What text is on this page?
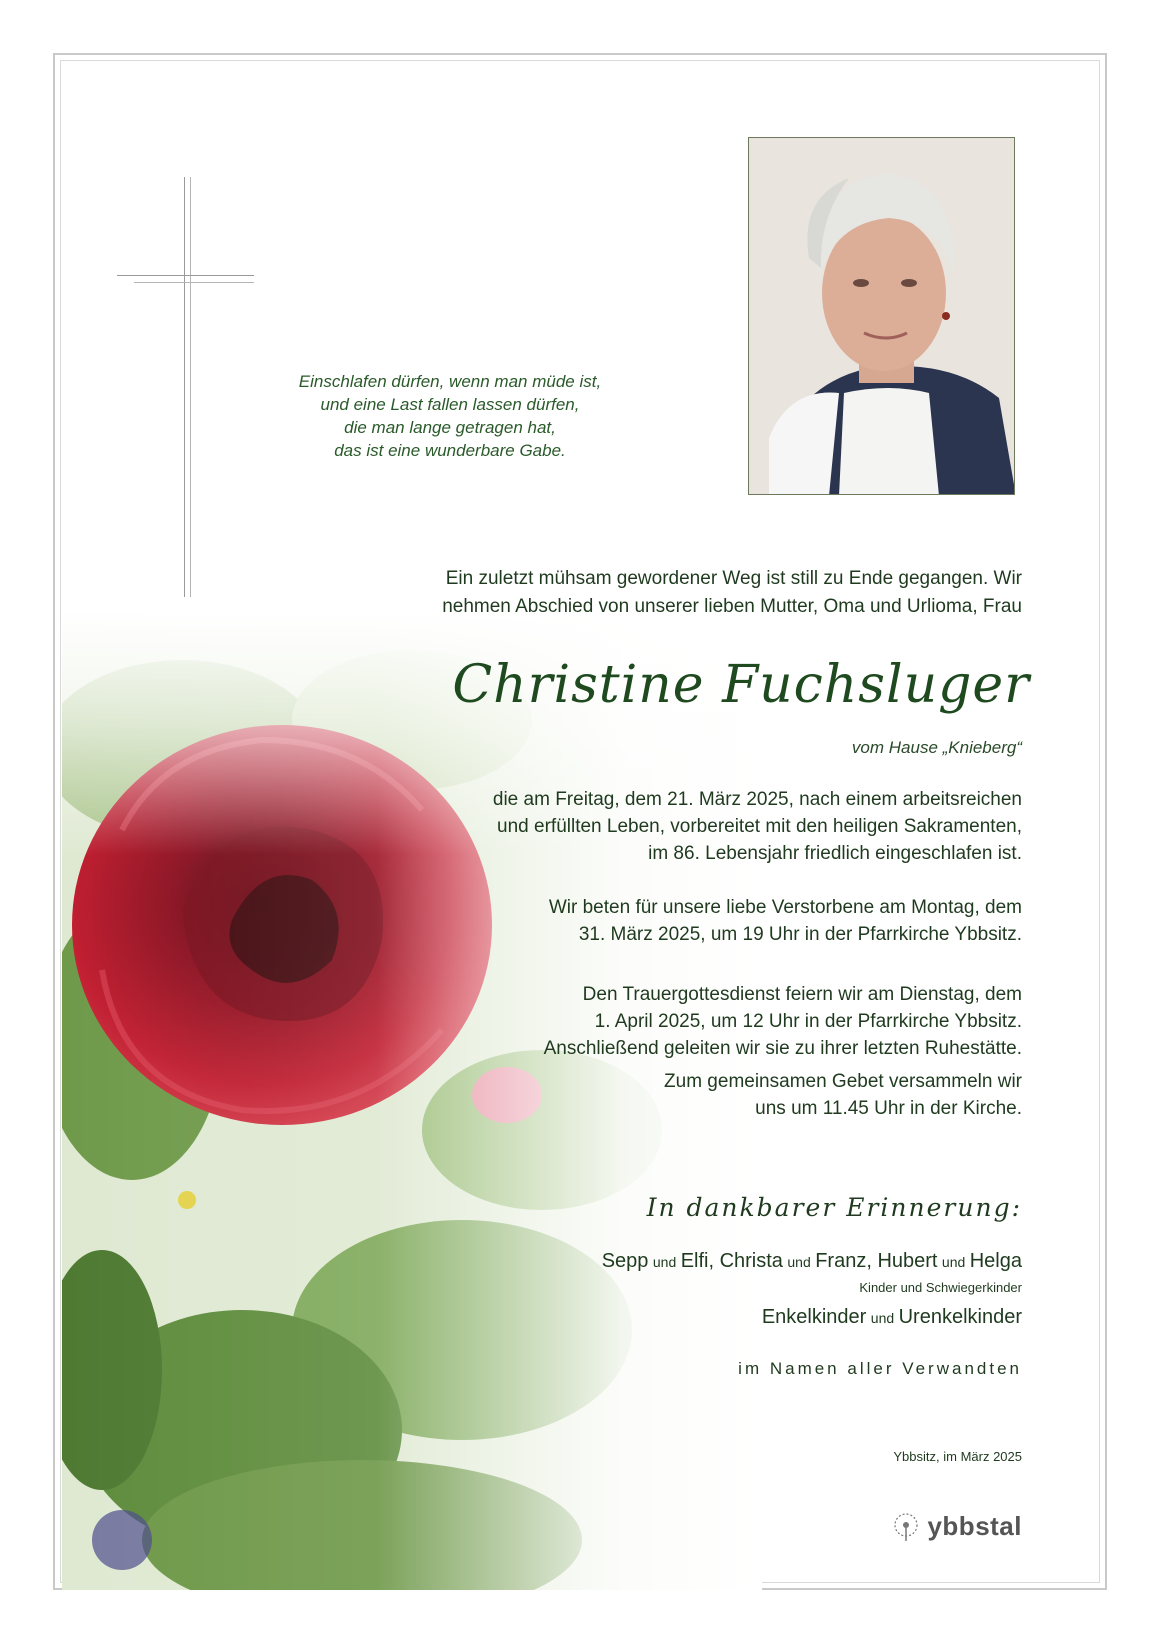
Einschlafen dürfen, wenn man müde ist,
und eine Last fallen lassen dürfen,
die man lange getragen hat,
das ist eine wunderbare Gabe.
Ein zuletzt mühsam gewordener Weg ist still zu Ende gegangen. Wir
nehmen Abschied von unserer lieben Mutter, Oma und Urlioma, Frau
Christine Fuchsluger
vom Hause „Knieberg“
die am Freitag, dem 21. März 2025, nach einem arbeitsreichen
und erfüllten Leben, vorbereitet mit den heiligen Sakramenten,
im 86. Lebensjahr friedlich eingeschlafen ist.
Wir beten für unsere liebe Verstorbene am Montag, dem
31. März 2025, um 19 Uhr in der Pfarrkirche Ybbsitz.
Den Trauergottesdienst feiern wir am Dienstag, dem
1. April 2025, um 12 Uhr in der Pfarrkirche Ybbsitz.
Anschließend geleiten wir sie zu ihrer letzten Ruhestätte.
Zum gemeinsamen Gebet versammeln wir
uns um 11.45 Uhr in der Kirche.
In dankbarer Erinnerung:
Sepp und Elfi, Christa und Franz, Hubert und Helga
Kinder und Schwiegerkinder
Enkelkinder und Urenkelkinder
im Namen aller Verwandten
Ybbsitz, im März 2025
ybbstal
